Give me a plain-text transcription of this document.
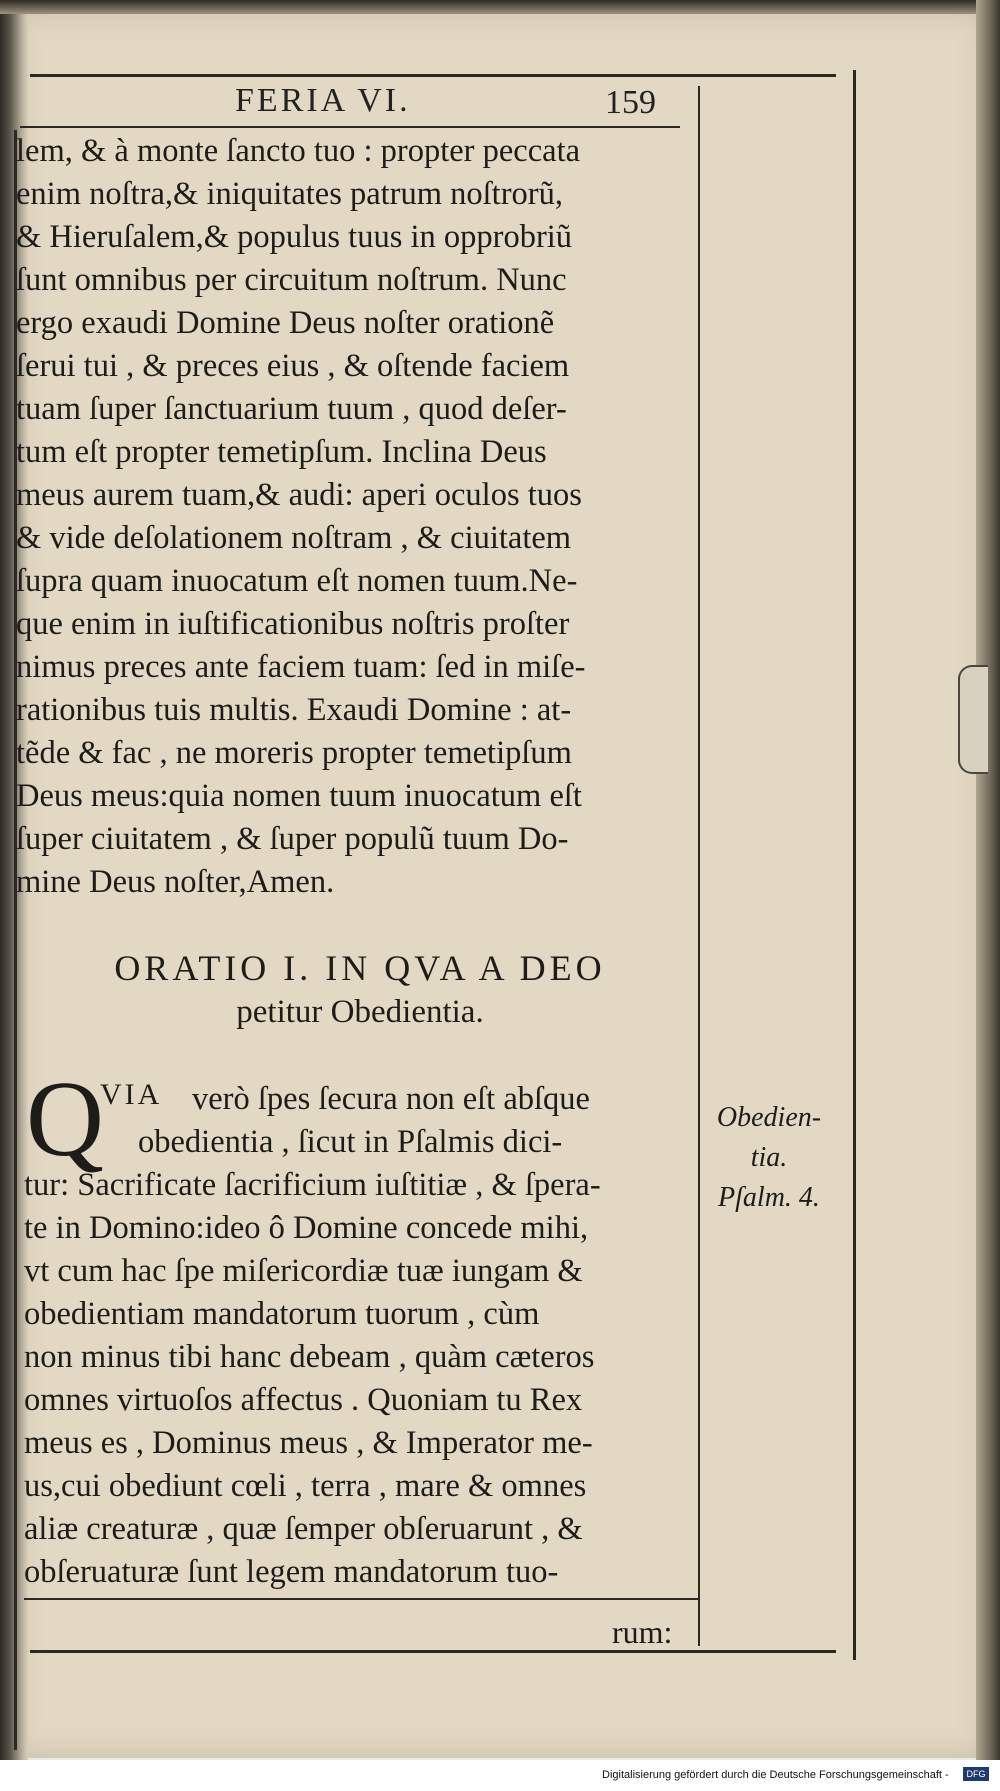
FERIA VI.	159
lem, & à monte ſancto tuo : propter peccata
enim noſtra,& iniquitates patrum noſtrorũ,
& Hieruſalem,& populus tuus in opprobriũ
ſunt omnibus per circuitum noſtrum. Nunc
ergo exaudi Domine Deus noſter orationẽ
ſerui tui , & preces eius , & oſtende faciem
tuam ſuper ſanctuarium tuum , quod deſer-
tum eſt propter temetipſum. Inclina Deus
meus aurem tuam,& audi: aperi oculos tuos
& vide deſolationem noſtram , & ciuitatem
ſupra quam inuocatum eſt nomen tuum.Ne-
que enim in iuſtificationibus noſtris proſter
nimus preces ante faciem tuam: ſed in miſe-
rationibus tuis multis. Exaudi Domine : at-
tẽde & fac , ne moreris propter temetipſum
Deus meus:quia nomen tuum inuocatum eſt
ſuper ciuitatem , & ſuper populũ tuum Do-
mine Deus noſter,Amen.
ORATIO I. IN QVA A DEO
petitur Obedientia.
Q
VIA verò ſpes ſecura non eſt abſque
obedientia , ſicut in Pſalmis dici-
tur: Sacrificate ſacrificium iuſtitiæ , & ſpera-
te in Domino:ideo ô Domine concede mihi,
vt cum hac ſpe miſericordiæ tuæ iungam &
obedientiam mandatorum tuorum , cùm
non minus tibi hanc debeam , quàm cæteros
omnes virtuoſos affectus . Quoniam tu Rex
meus es , Dominus meus , & Imperator me-
us,cui obediunt cœli , terra , mare & omnes
aliæ creaturæ , quæ ſemper obſeruarunt , &
obſeruaturæ ſunt legem mandatorum tuo-
Obedien-
tia.
Pſalm. 4.
rum:
Digitalisierung gefördert durch die Deutsche Forschungsgemeinschaft -	DFG
